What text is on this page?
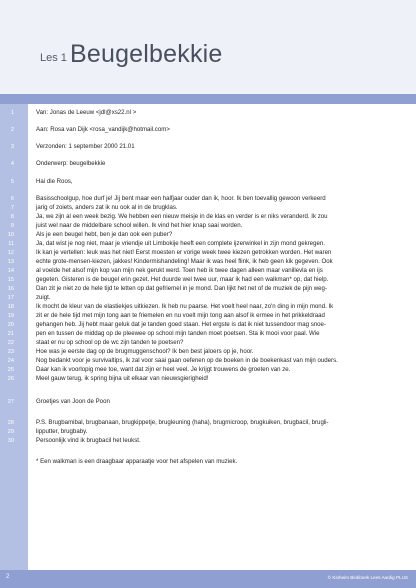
Les 1 Beugelbekkie
1
2
3
4
5
6
7
8
9
10
11
12
13
14
15
16
17
18
19
20
21
22
23
24
25
26
27
28
29
30
Van: Jonas de Leeuw <jdl@xs22.nl >
Aan: Rosa van Dijk <rosa_vandijk@hotmail.com>
Verzonden: 1 september 2000 21.01
Onderwerp: beugelbekkie
Hai die Roos,
Basisschoolgup, hoe durf je! Jij bent maar een halfjaar ouder dan ik, hoor. Ik ben toevallig gewoon verkeerd
jarig of zoiets, anders zat ik nu ook al in de brugklas.
Ja, we zijn al een week bezig. We hebben een nieuw meisje in de klas en verder is er niks veranderd. Ik zou
juist wel naar de middelbare school willen. Ik vind het hier knap saai worden.
Als je een beugel hebt, ben je dan ook een puber?
Ja, dat wist je nog niet, maar je vriendje uit Limbokije heeft een complete ijzerwinkel in zijn mond gekregen.
Ik kan je vertellen: leuk was het niet! Eerst moesten er vorige week twee kiezen getrokken worden. Het waren
echte grote-mensen-kiezen, jakkes! Kindermishandeling! Maar ik was heel flink, ik heb geen kik gegeven. Ook
al voelde het alsof mijn kop van mijn nek gerukt werd. Toen heb ik twee dagen alleen maar vanillevla en ijs
gegeten. Gisteren is de beugel erin gezet. Het duurde wel twee uur, maar ik had een walkman* op, dat hielp.
Dan zit je niet zo de hele tijd te letten op dat gefriemel in je mond. Dan lijkt het net of de muziek de pijn weg-
zuigt.
Ik mocht de kleur van de elastiekjes uitkiezen. Ik heb nu paarse. Het voelt heel naar, zo'n ding in mijn mond. Ik
zit er de hele tijd met mijn tong aan te friemelen en nu voelt mijn tong aan alsof ik ermee in het prikkeldraad
gehangen heb. Jij hebt maar geluk dat je tanden goed staan. Het ergste is dat ik niet tussendoor mag snoe-
pen en tussen de middag op de pleewee op school mijn tanden moet poetsen. Sta ik mooi voor paal. Wie
staat er nu op school op de wc zijn tanden te poetsen?
Hoe was je eerste dag op de brugmuggenschool? Ik ben best jaloers op je, hoor.
Nog bedankt voor je survivaltips, ik zal voor saai gaan oefenen op de boeken in de boekenkast van mijn ouders.
Daar kan ik voorlopig mee toe, want dat zijn er heel veel. Je krijgt trouwens de groeten van ze.
Meel gauw terug, ik spring bijna uit elkaar van nieuwsgierigheid!
Groetjes van Joon de Poon
P.S. Brugbamibal, brugbanaan, brugkippetje, brugleuning (haha), brugmicroop, brugkuiken, brugbacil, brugli-
lipputter, brugbaby.
Persoonlijk vind ik brugbacil het leukst.
* Een walkman is een draagbaar apparaatje voor het afspelen van muziek.
2	© Kinheim Blokboek Lees Aardig PLUS
